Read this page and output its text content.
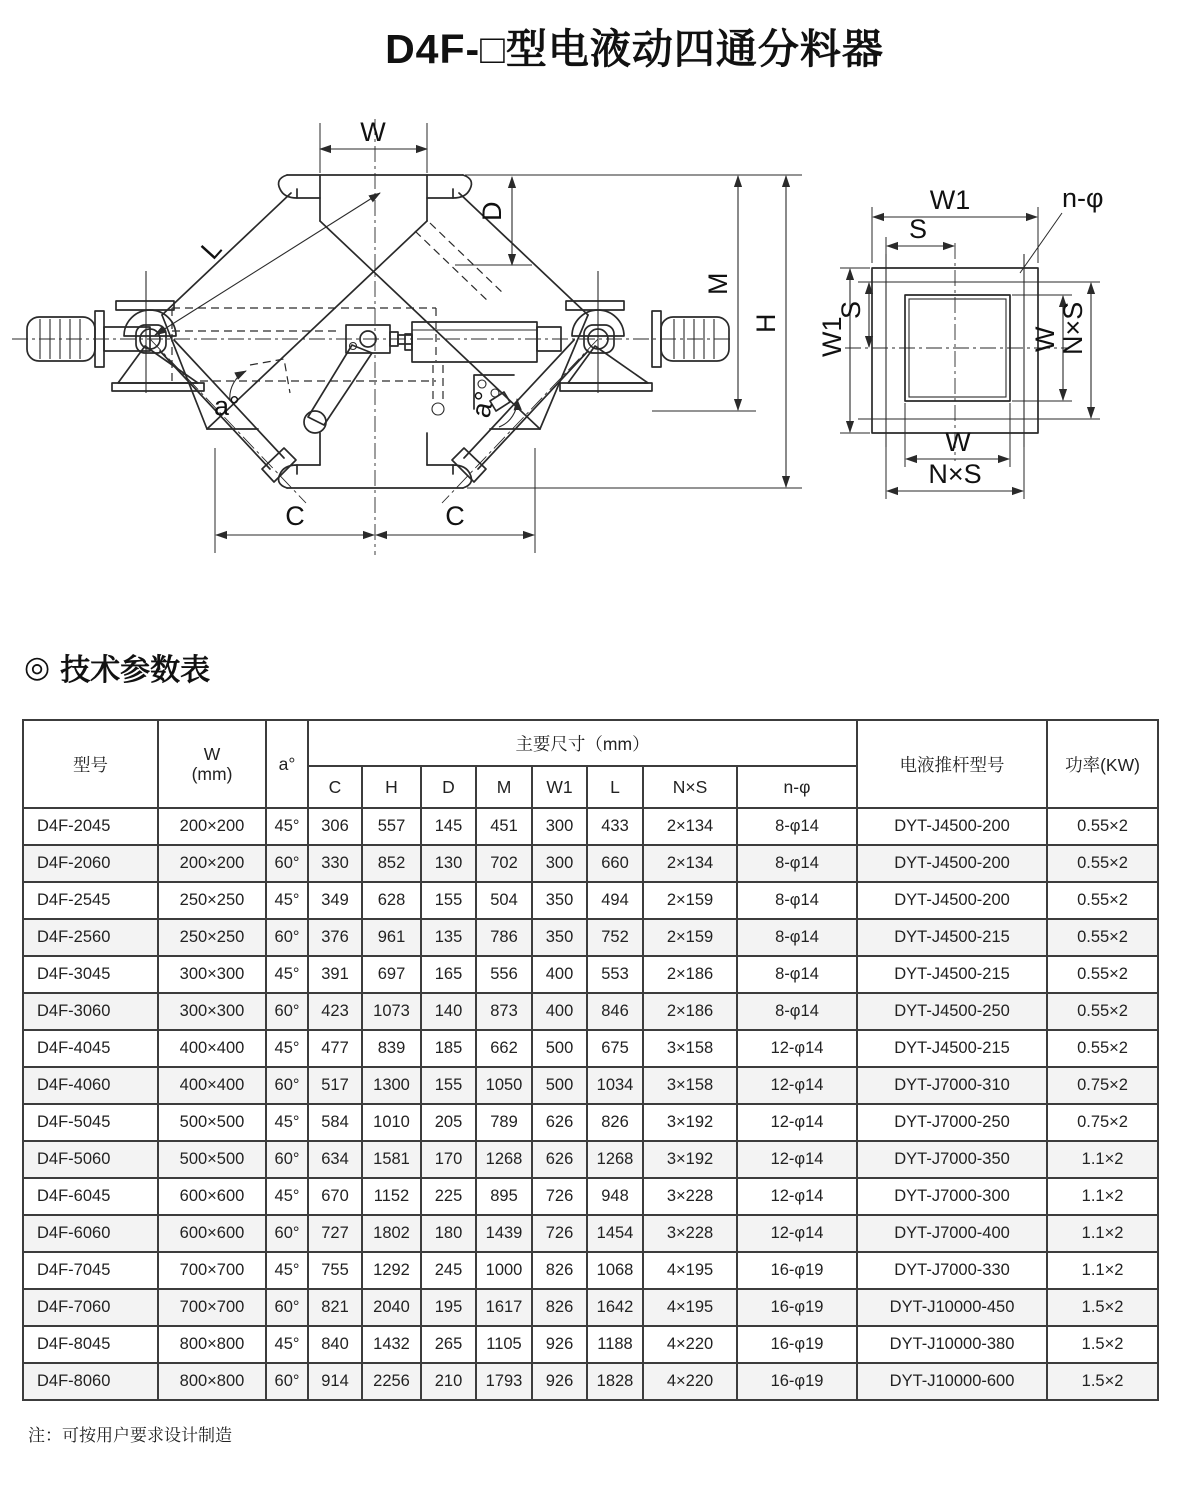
D4F-□型电液动四通分料器
W
a°	a°
L
D
M
H
C	C
W1
S
n-φ
W1
S
W
N×S
W
N×S
◎ 技术参数表
型号	W
(mm)	a°	主要尺寸（mm）								电液推杆型号	功率(KW)
			C	H	D	M	W1	L	N×S	n-φ		
D4F-2045	200×200	45°	306	557	145	451	300	433	2×134	8-φ14	DYT-J4500-200	0.55×2
D4F-2060	200×200	60°	330	852	130	702	300	660	2×134	8-φ14	DYT-J4500-200	0.55×2
D4F-2545	250×250	45°	349	628	155	504	350	494	2×159	8-φ14	DYT-J4500-200	0.55×2
D4F-2560	250×250	60°	376	961	135	786	350	752	2×159	8-φ14	DYT-J4500-215	0.55×2
D4F-3045	300×300	45°	391	697	165	556	400	553	2×186	8-φ14	DYT-J4500-215	0.55×2
D4F-3060	300×300	60°	423	1073	140	873	400	846	2×186	8-φ14	DYT-J4500-250	0.55×2
D4F-4045	400×400	45°	477	839	185	662	500	675	3×158	12-φ14	DYT-J4500-215	0.55×2
D4F-4060	400×400	60°	517	1300	155	1050	500	1034	3×158	12-φ14	DYT-J7000-310	0.75×2
D4F-5045	500×500	45°	584	1010	205	789	626	826	3×192	12-φ14	DYT-J7000-250	0.75×2
D4F-5060	500×500	60°	634	1581	170	1268	626	1268	3×192	12-φ14	DYT-J7000-350	1.1×2
D4F-6045	600×600	45°	670	1152	225	895	726	948	3×228	12-φ14	DYT-J7000-300	1.1×2
D4F-6060	600×600	60°	727	1802	180	1439	726	1454	3×228	12-φ14	DYT-J7000-400	1.1×2
D4F-7045	700×700	45°	755	1292	245	1000	826	1068	4×195	16-φ19	DYT-J7000-330	1.1×2
D4F-7060	700×700	60°	821	2040	195	1617	826	1642	4×195	16-φ19	DYT-J10000-450	1.5×2
D4F-8045	800×800	45°	840	1432	265	1105	926	1188	4×220	16-φ19	DYT-J10000-380	1.5×2
D4F-8060	800×800	60°	914	2256	210	1793	926	1828	4×220	16-φ19	DYT-J10000-600	1.5×2
注：可按用户要求设计制造
